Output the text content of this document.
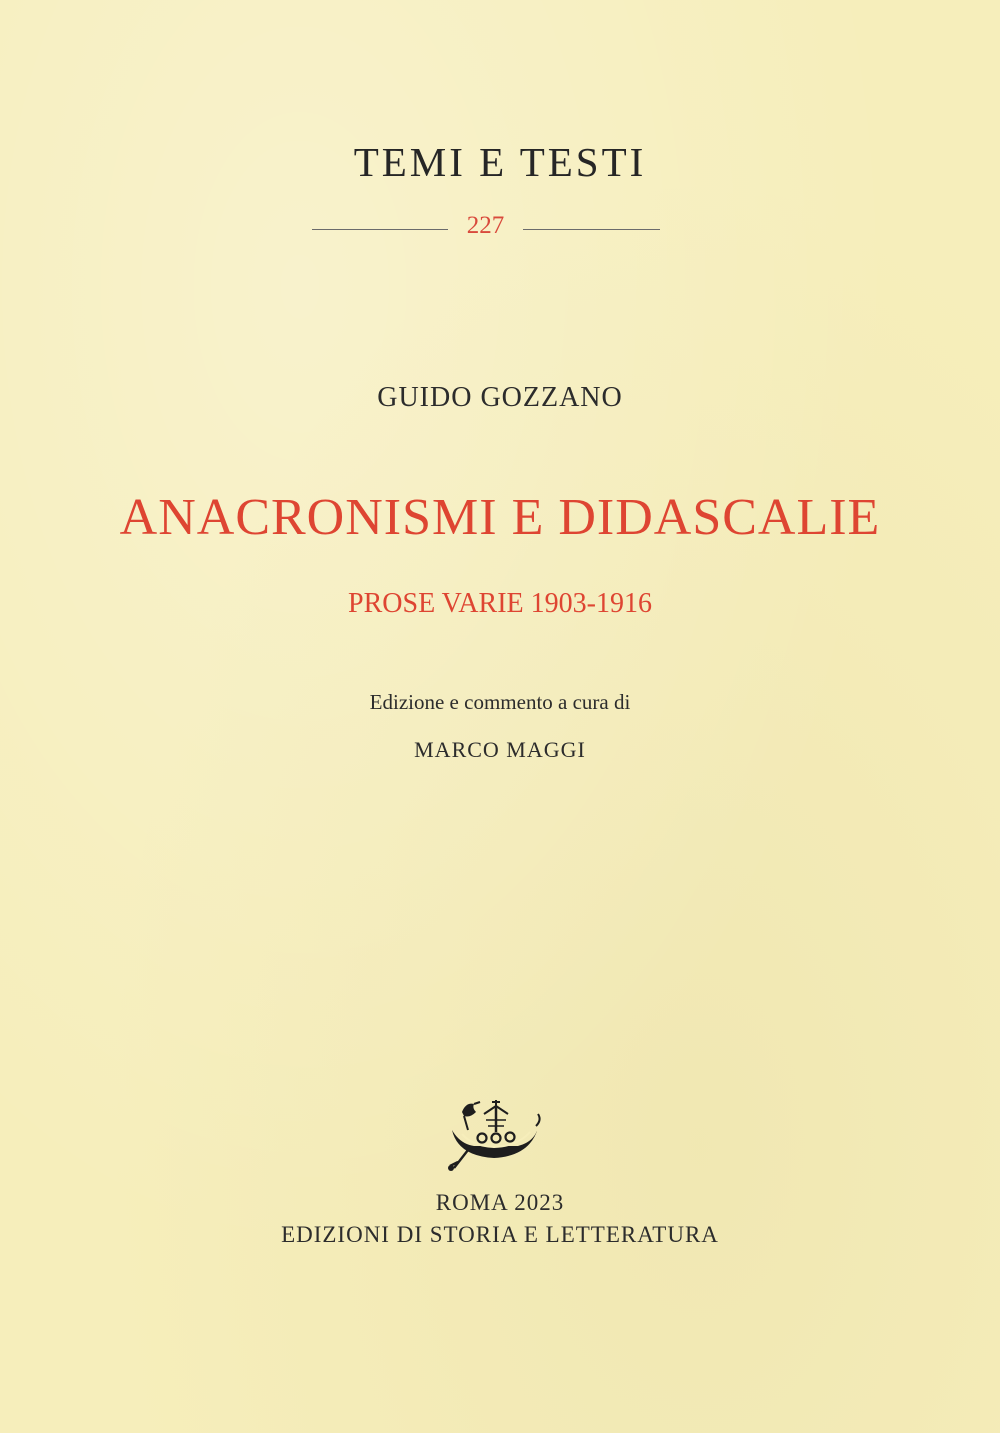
TEMI E TESTI
227
GUIDO GOZZANO
ANACRONISMI E DIDASCALIE
PROSE VARIE 1903-1916
Edizione e commento a cura di
MARCO MAGGI
ROMA 2023
EDIZIONI DI STORIA E LETTERATURA
